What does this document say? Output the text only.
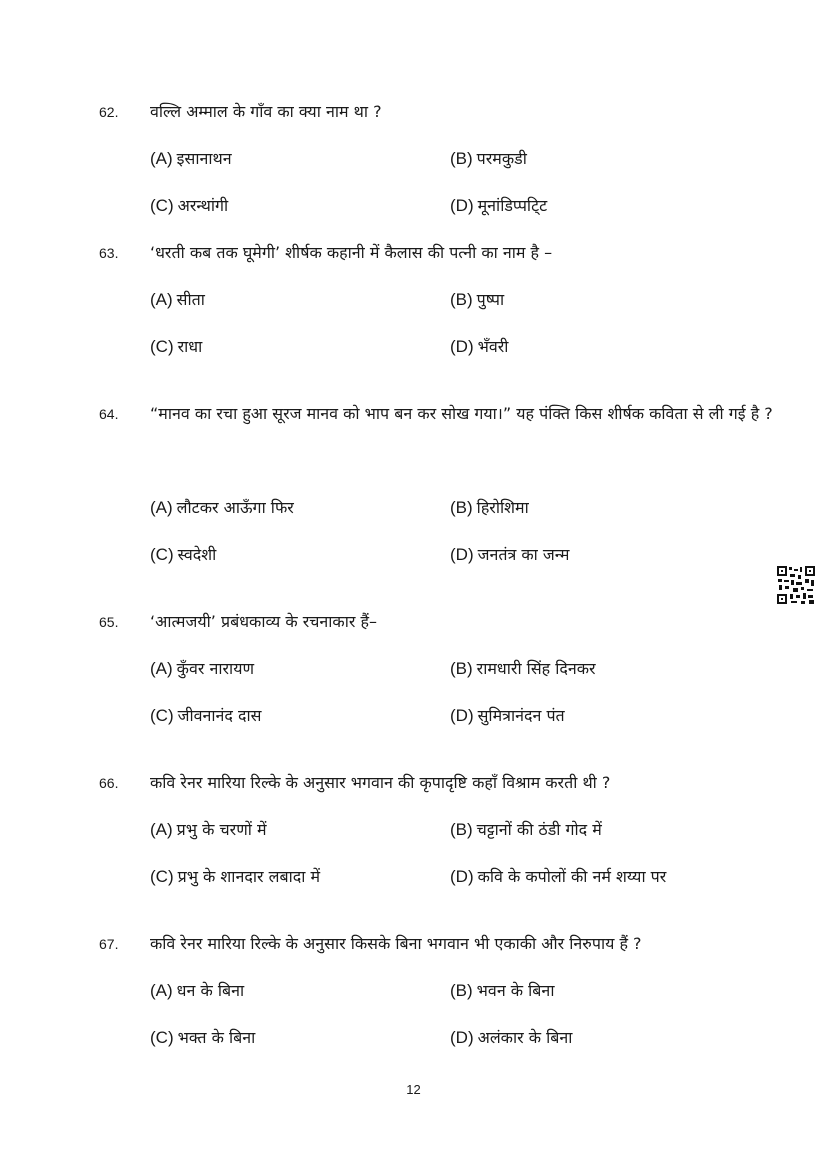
62. वल्लि अम्माल के गाँव का क्या नाम था ?
(A) इसानाथन	(B) परमकुडी
(C) अरन्थांगी	(D) मूनांडिप्पटि्ट
63. ‘धरती कब तक घूमेगी’ शीर्षक कहानी में कैलास की पत्नी का नाम है –
(A) सीता	(B) पुष्पा
(C) राधा	(D) भँवरी
64. “मानव का रचा हुआ सूरज मानव को भाप बन कर सोख गया।” यह पंक्ति किस शीर्षक कविता से ली गई है ?
(A) लौटकर आऊँगा फिर	(B) हिरोशिमा
(C) स्वदेशी	(D) जनतंत्र का जन्म
65. ‘आत्मजयी’ प्रबंधकाव्य के रचनाकार हैं–
(A) कुँवर नारायण	(B) रामधारी सिंह दिनकर
(C) जीवनानंद दास	(D) सुमित्रानंदन पंत
66. कवि रेनर मारिया रिल्के के अनुसार भगवान की कृपादृष्टि कहाँ विश्राम करती थी ?
(A) प्रभु के चरणों में	(B) चट्टानों की ठंडी गोद में
(C) प्रभु के शानदार लबादा में	(D) कवि के कपोलों की नर्म शय्या पर
67. कवि रेनर मारिया रिल्के के अनुसार किसके बिना भगवान भी एकाकी और निरुपाय हैं ?
(A) धन के बिना	(B) भवन के बिना
(C) भक्त के बिना	(D) अलंकार के बिना
12
